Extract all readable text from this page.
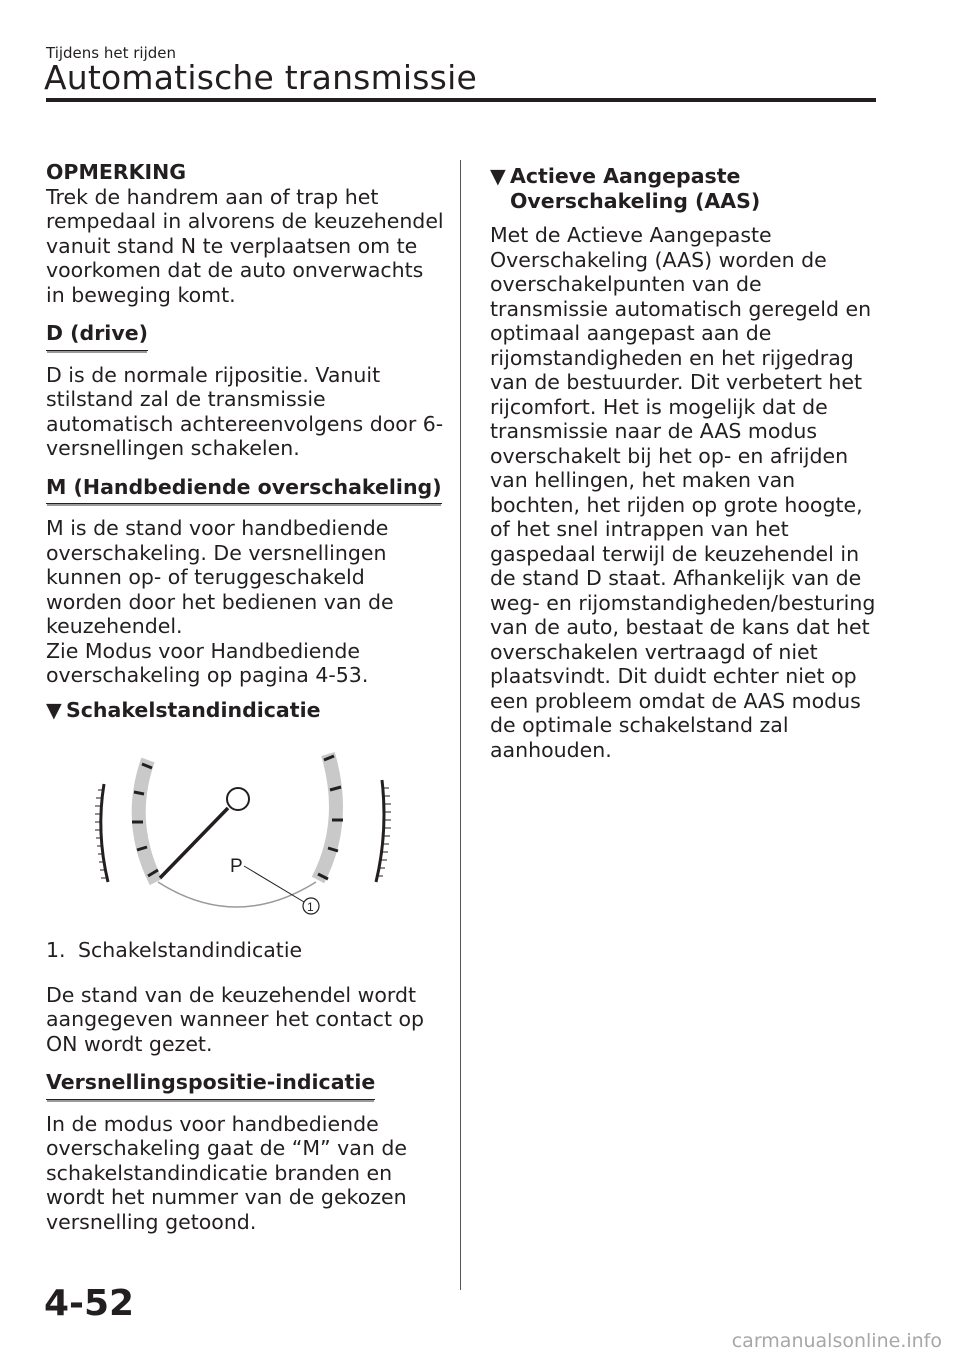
Tijdens het rijden
Automatische transmissie
OPMERKING

Trek de handrem aan of trap het rempedaal in alvorens de keuzehendel vanuit stand N te verplaatsen om te voorkomen dat de auto onverwachts in beweging komt.

D (drive)

D is de normale rijpositie. Vanuit stilstand zal de transmissie automatisch achtereenvolgens door 6-versnellingen schakelen.

M (Handbediende overschakeling)

M is de stand voor handbediende overschakeling. De versnellingen kunnen op- of teruggeschakeld worden door het bedienen van de keuzehendel.

Zie Modus voor Handbediende overschakeling op pagina 4-53.

▼ Schakelstandindicatie
P
1
1. Schakelstandindicatie

De stand van de keuzehendel wordt aangegeven wanneer het contact op ON wordt gezet.

Versnellingspositie-indicatie

In de modus voor handbediende overschakeling gaat de “M” van de schakelstandindicatie branden en wordt het nummer van de gekozen versnelling getoond.

▼ Actieve Aangepaste
Overschakeling (AAS)

Met de Actieve Aangepaste Overschakeling (AAS) worden de overschakelpunten van de transmissie automatisch geregeld en optimaal aangepast aan de rijomstandigheden en het rijgedrag van de bestuurder. Dit verbetert het rijcomfort. Het is mogelijk dat de transmissie naar de AAS modus overschakelt bij het op- en afrijden van hellingen, het maken van bochten, het rijden op grote hoogte, of het snel intrappen van het gaspedaal terwijl de keuzehendel in de stand D staat. Afhankelijk van de weg- en rijomstandigheden/besturing van de auto, bestaat de kans dat het overschakelen vertraagd of niet plaatsvindt. Dit duidt echter niet op een probleem omdat de AAS modus de optimale schakelstand zal aanhouden.

4-52
carmanualsonline.info
